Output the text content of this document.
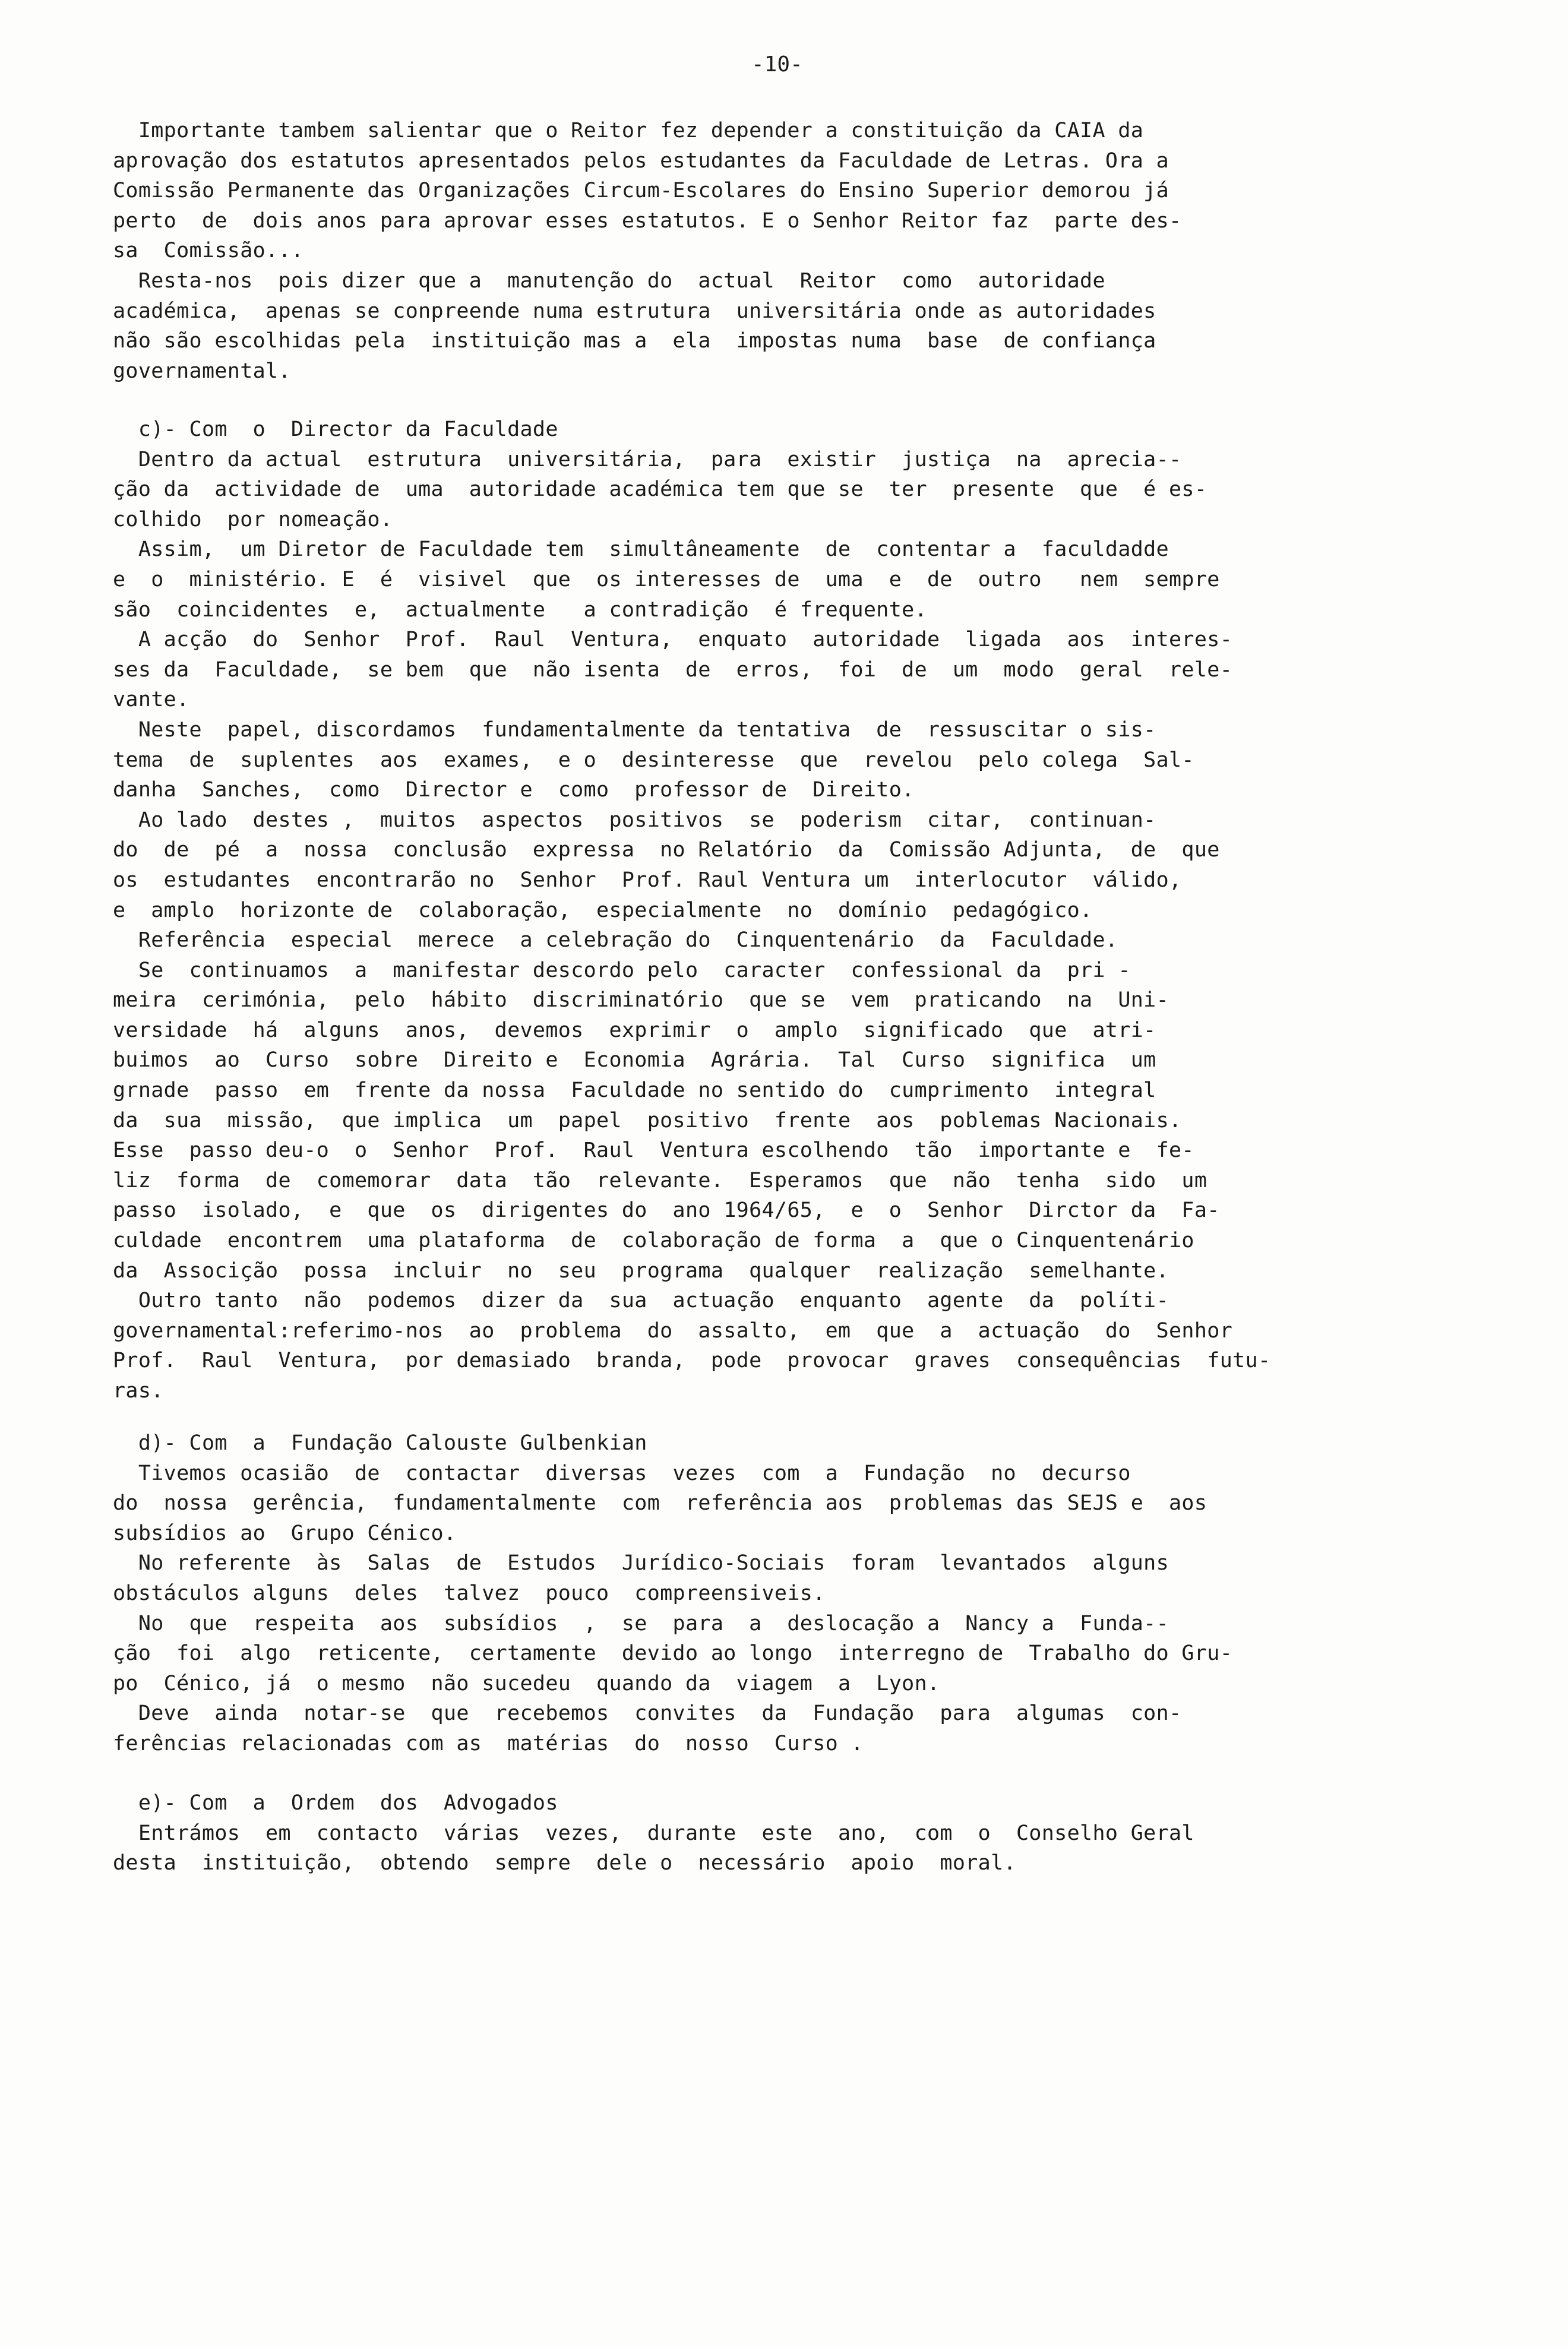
-10-
Importante tambem salientar que o Reitor fez depender a constituição da CAIA da
aprovação dos estatutos apresentados pelos estudantes da Faculdade de Letras. Ora a
Comissão Permanente das Organizações Circum-Escolares do Ensino Superior demorou já
perto  de  dois anos para aprovar esses estatutos. E o Senhor Reitor faz  parte des-
sa  Comissão...
Resta-nos  pois dizer que a  manutenção do  actual  Reitor  como  autoridade
académica,  apenas se conpreende numa estrutura  universitária onde as autoridades
não são escolhidas pela  instituição mas a  ela  impostas numa  base  de confiança
governamental.
c)- Com  o  Director da Faculdade
Dentro da actual  estrutura  universitária,  para  existir  justiça  na  apreciа--
ção da  actividade de  uma  autoridade académica tem que se  ter  presente  que  é es-
colhido  por nomeação.
Assim,  um Diretor de Faculdade tem  simultâneamente  de  contentar a  faculdadde
e  o  ministério. E  é  visivel  que  os interesses de  uma  e  de  outro   nem  sempre
são  coincidentes  e,  actualmente   a contradição  é frequente.
A acção  do  Senhor  Prof.  Raul  Ventura,  enquato  autoridade  ligada  aos  interes-
ses da  Faculdade,  se bem  que  não isenta  de  erros,  foi  de  um  modo  geral  rele-
vante.
Neste  papel, discordamos  fundamentalmente da tentativa  de  ressuscitar o sis-
tema  de  suplentes  aos  exames,  e o  desinteresse  que  revelou  pelo colega  Sal-
danha  Sanches,  como  Director e  como  professor de  Direito.
Ao lado  destes ,  muitos  aspectos  positivos  se  poderism  citar,  continuan-
do  de  pé  a  nossa  conclusão  expressa  no Relatório  da  Comissão Adjunta,  de  que
os  estudantes  encontrarão no  Senhor  Prof. Raul Ventura um  interlocutor  válido,
e  amplo  horizonte de  colaboração,  especialmente  no  domínio  pedagógico.
Referência  especial  merece  a celebração do  Cinquentenário  da  Faculdade.
Se  continuamos  a  manifestar descordo pelo  caracter  confessional da  pri -
meira  cerimónia,  pelo  hábito  discriminatório  que se  vem  praticando  na  Uni-
versidade  há  alguns  anos,  devemos  exprimir  o  amplo  significado  que  atri-
buimos  ao  Curso  sobre  Direito e  Economia  Agrária.  Tal  Curso  significa  um
grnade  passo  em  frente da nossa  Faculdade no sentido do  cumprimento  integral
da  sua  missão,  que implica  um  papel  positivo  frente  aos  poblemas Nacionais.
Esse  passo deu-o  o  Senhor  Prof.  Raul  Ventura escolhendo  tão  importante e  fe-
liz  forma  de  comemorar  data  tão  relevante.  Esperamos  que  não  tenha  sido  um
passo  isolado,  e  que  os  dirigentes do  ano 1964/65,  e  o  Senhor  Dirctor da  Fa-
culdade  encontrem  uma plataforma  de  colaboração de forma  a  que o Cinquentenário
da  Associção  possa  incluir  no  seu  programa  qualquer  realização  semelhante.
Outro tanto  não  podemos  dizer da  sua  actuação  enquanto  agente  da  políti-
governamental:referimo-nos  ao  problema  do  assalto,  em  que  a  actuação  do  Senhor
Prof.  Raul  Ventura,  por demasiado  branda,  pode  provocar  graves  consequências  futu-
ras.
d)- Com  a  Fundação Calouste Gulbenkian
Tivemos ocasião  de  contactar  diversas  vezes  com  a  Fundação  no  decurso
do  nossa  gerência,  fundamentalmente  com  referência aos  problemas das SEJS e  aos
subsídios ao  Grupo Cénico.
No referente  às  Salas  de  Estudos  Jurídico-Sociais  foram  levantados  alguns
obstáculos alguns  deles  talvez  pouco  compreensiveis.
No  que  respeita  aos  subsídios  ,  se  para  a  deslocação a  Nancy a  Funda--
ção  foi  algo  reticente,  certamente  devido ao longo  interregno de  Trabalho do Gru-
po  Cénico, já  o mesmo  não sucedeu  quando da  viagem  a  Lyon.
Deve  ainda  notar-se  que  recebemos  convites  da  Fundação  para  algumas  con-
ferências relacionadas com as  matérias  do  nosso  Curso .
e)- Com  a  Ordem  dos  Advogados
Entrámos  em  contacto  várias  vezes,  durante  este  ano,  com  o  Conselho Geral
desta  instituição,  obtendo  sempre  dele o  necessário  apoio  moral.
